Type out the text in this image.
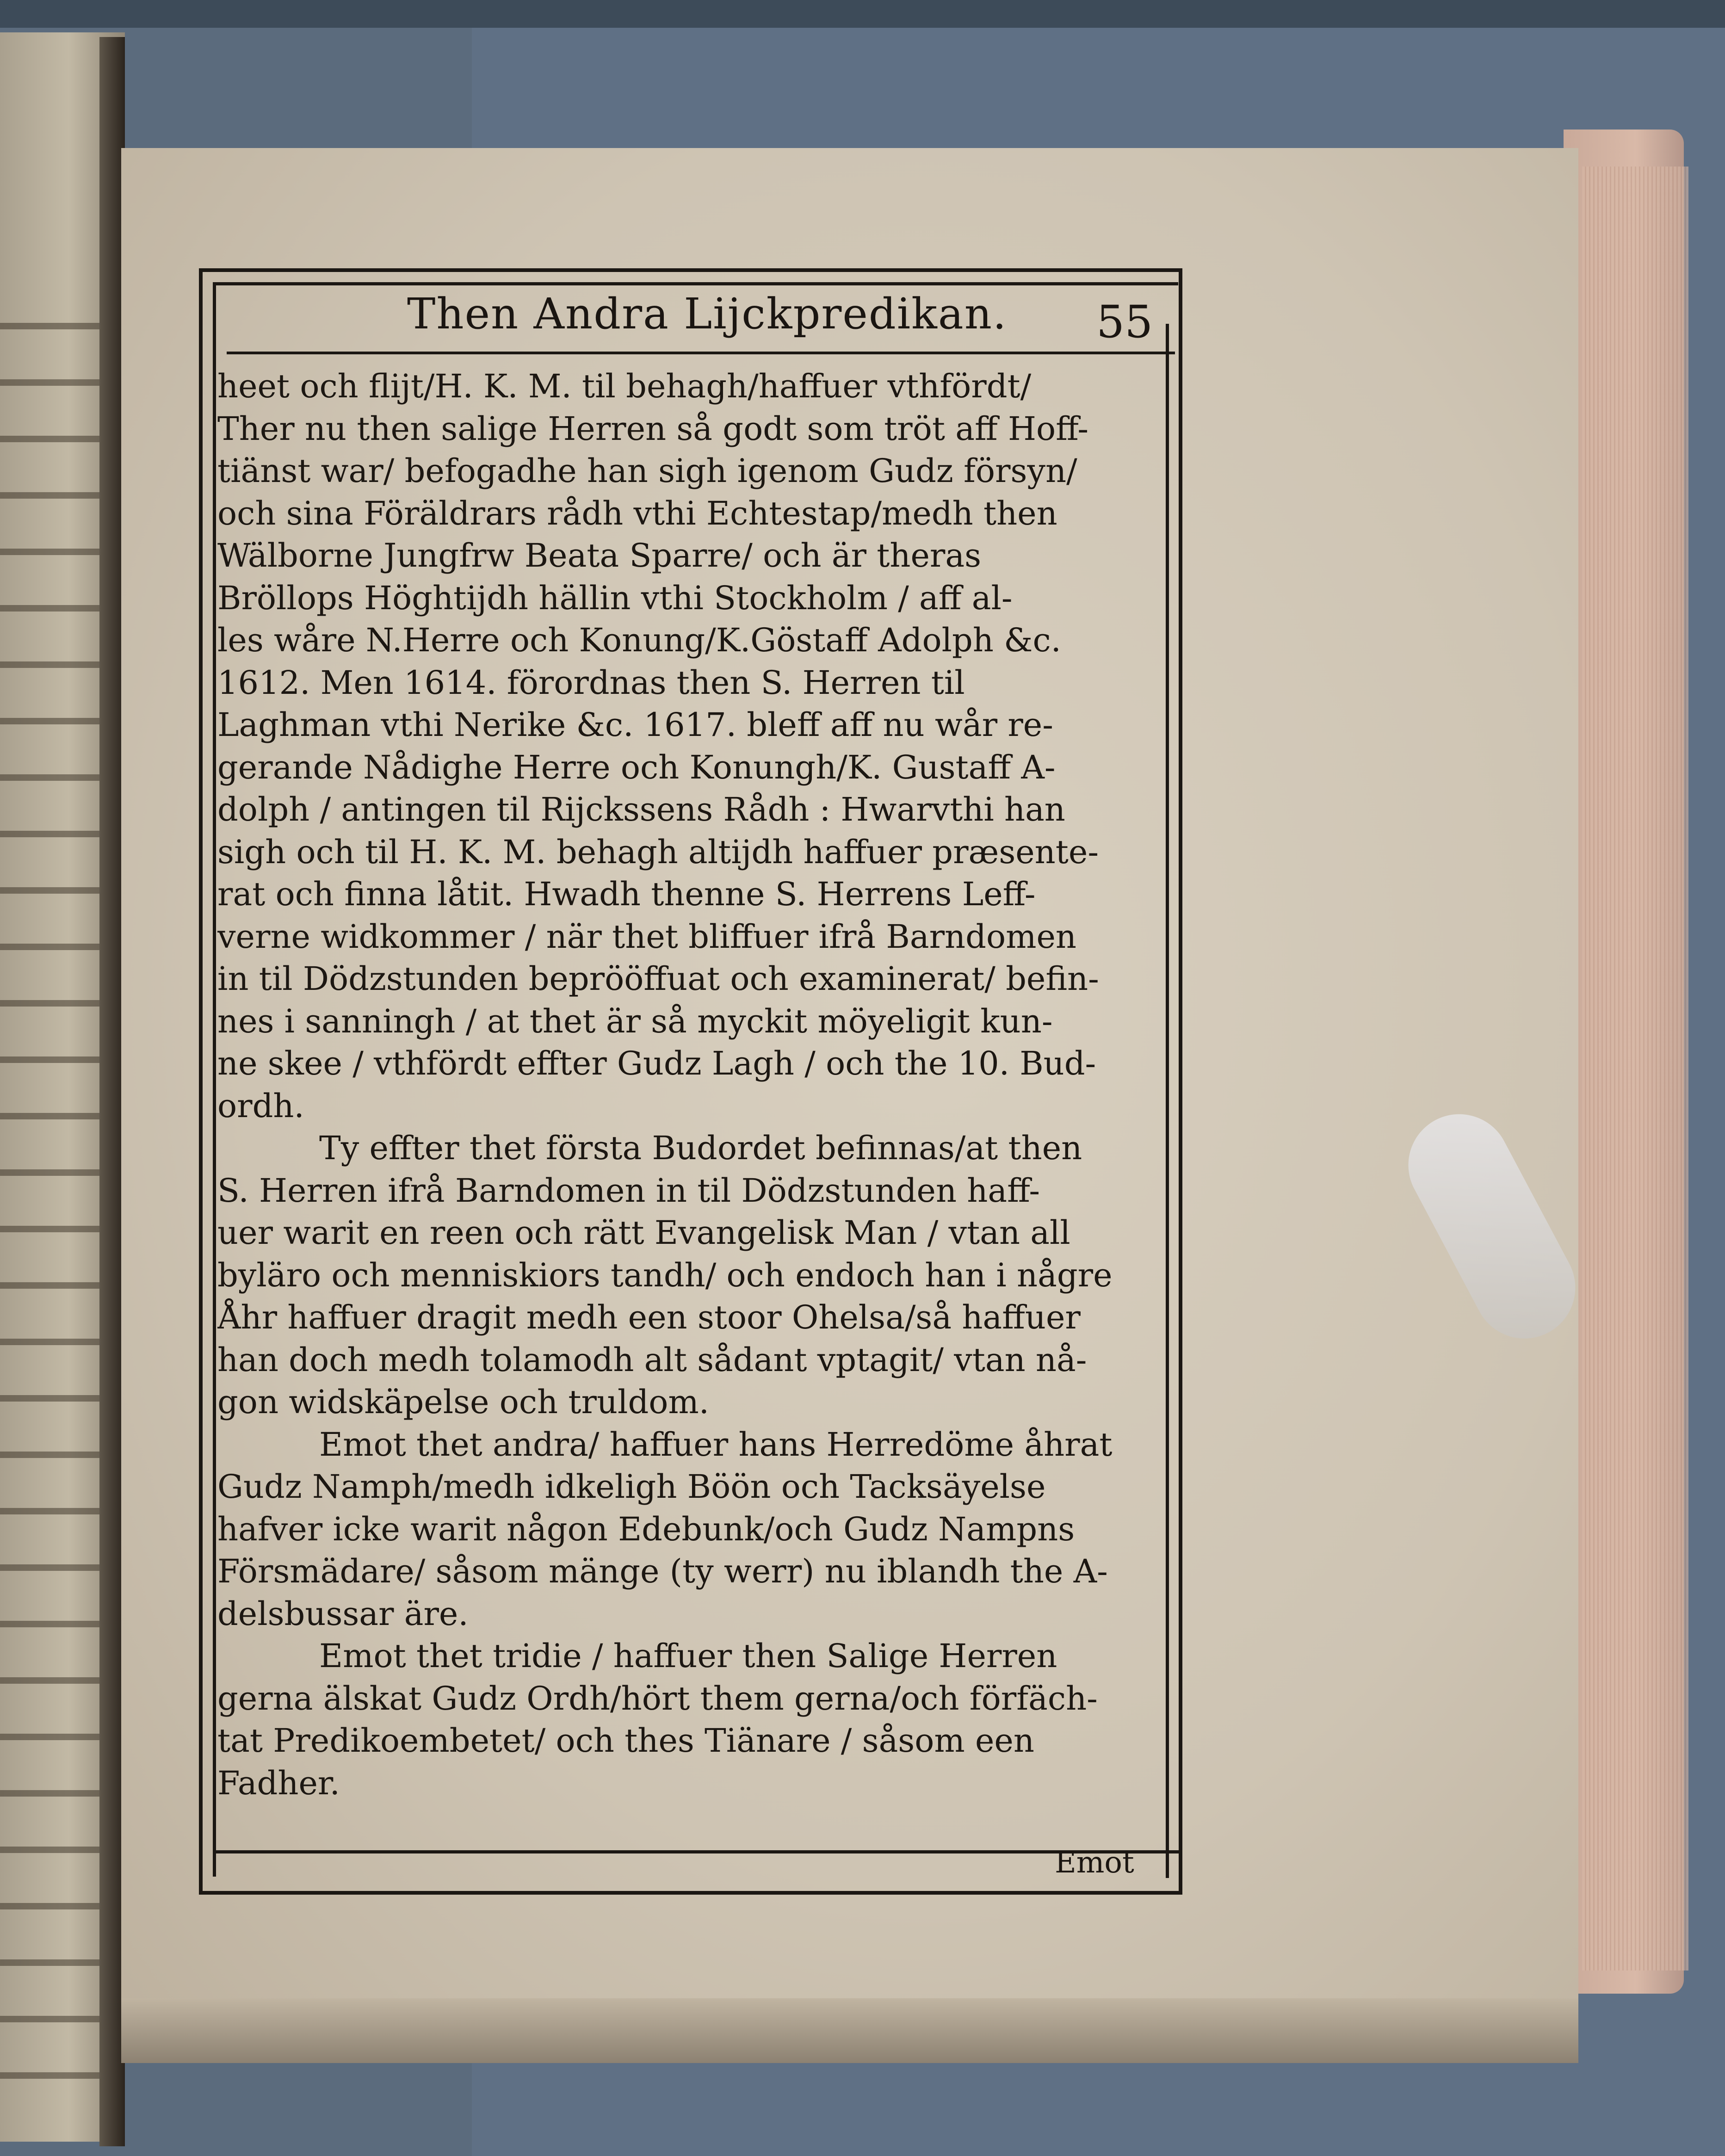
Then Andra Lijckpredikan. 55
heet och flijt/H. K. M. til behagh/haffuer vthfördt/
Ther nu then salige Herren så godt som tröt aff Hoff-
tiänst war/ befogadhe han sigh igenom Gudz försyn/
och sina Föräldrars rådh vthi Echtestap/medh then
Wälborne Jungfrw Beata Sparre/ och är theras
Bröllops Höghtijdh hällin vthi Stockholm / aff al-
les wåre N.Herre och Konung/K.Göstaff Adolph &c.
1612. Men 1614. förordnas then S. Herren til
Laghman vthi Nerike &c. 1617. bleff aff nu wår re-
gerande Nådighe Herre och Konungh/K. Gustaff A-
dolph / antingen til Rijckssens Rådh : Hwarvthi han
sigh och til H. K. M. behagh altijdh haffuer præsente-
rat och finna låtit. Hwadh thenne S. Herrens Leff-
verne widkommer / när thet bliffuer ifrå Barndomen
in til Dödzstunden beprööffuat och examinerat/ befin-
nes i sanningh / at thet är så myckit möyeligit kun-
ne skee / vthfördt effter Gudz Lagh / och the 10. Bud-
ordh.
Ty effter thet första Budordet befinnas/at then
S. Herren ifrå Barndomen in til Dödzstunden haff-
uer warit en reen och rätt Evangelisk Man / vtan all
byläro och menniskiors tandh/ och endoch han i någre
Åhr haffuer dragit medh een stoor Ohelsa/så haffuer
han doch medh tolamodh alt sådant vptagit/ vtan nå-
gon widskäpelse och truldom.
Emot thet andra/ haffuer hans Herredöme åhrat
Gudz Namph/medh idkeligh Böön och Tacksäyelse
hafver icke warit någon Edebunk/och Gudz Nampns
Försmädare/ såsom mänge (ty werr) nu iblandh the A-
delsbussar äre.
Emot thet tridie / haffuer then Salige Herren
gerna älskat Gudz Ordh/hört them gerna/och förfäch-
tat Predikoembetet/ och thes Tiänare / såsom een
Fadher.
Emot
